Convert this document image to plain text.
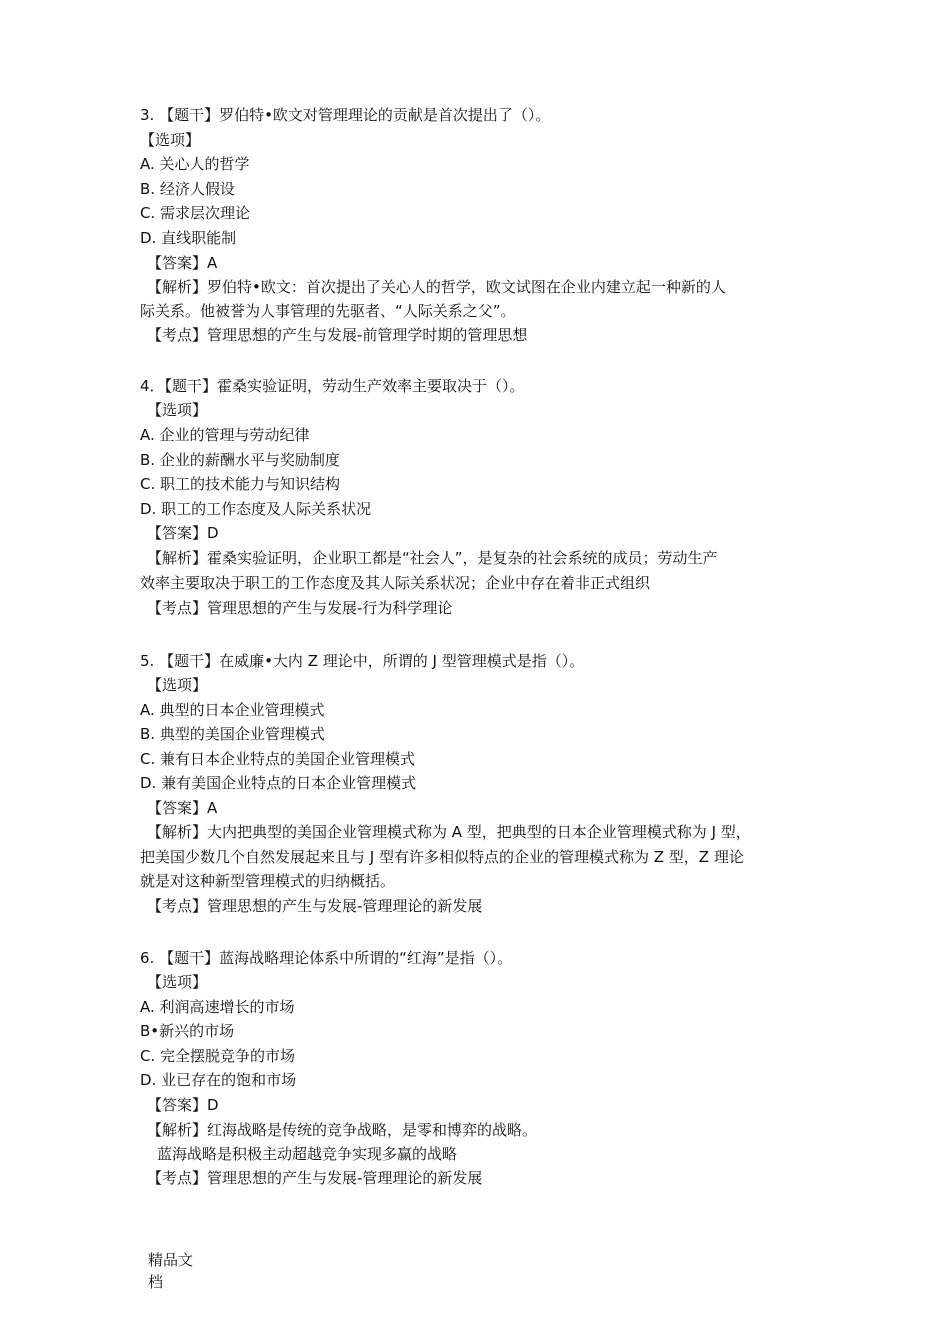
3. 【题干】罗伯特•欧文对管理理论的贡献是首次提出了（）。
【选项】
A. 关心人的哲学
B. 经济人假设
C. 需求层次理论
D. 直线职能制
【答案】A
【解析】罗伯特•欧文：首次提出了关心人的哲学，欧文试图在企业内建立起一种新的人
际关系。他被誉为人事管理的先驱者、“人际关系之父”。
【考点】管理思想的产生与发展-前管理学时期的管理思想
4．【题干】霍桑实验证明，劳动生产效率主要取决于（）。
【选项】
A. 企业的管理与劳动纪律
B. 企业的薪酬水平与奖励制度
C. 职工的技术能力与知识结构
D. 职工的工作态度及人际关系状况
【答案】D
【解析】霍桑实验证明，企业职工都是“社会人”，是复杂的社会系统的成员；劳动生产
效率主要取决于职工的工作态度及其人际关系状况；企业中存在着非正式组织
【考点】管理思想的产生与发展-行为科学理论
5. 【题干】在威廉•大内 Z 理论中，所谓的 J 型管理模式是指（）。
【选项】
A. 典型的日本企业管理模式
B. 典型的美国企业管理模式
C. 兼有日本企业特点的美国企业管理模式
D. 兼有美国企业特点的日本企业管理模式
【答案】A
【解析】大内把典型的美国企业管理模式称为 A 型，把典型的日本企业管理模式称为 J 型，
把美国少数几个自然发展起来且与 J 型有许多相似特点的企业的管理模式称为 Z 型，Z 理论
就是对这种新型管理模式的归纳概括。
【考点】管理思想的产生与发展-管理理论的新发展
6. 【题干】蓝海战略理论体系中所谓的“红海”是指（）。
【选项】
A. 利润高速增长的市场
B•新兴的市场
C. 完全摆脱竞争的市场
D. 业已存在的饱和市场
【答案】D
【解析】红海战略是传统的竞争战略，是零和博弈的战略。
蓝海战略是积极主动超越竞争实现多赢的战略
【考点】管理思想的产生与发展-管理理论的新发展
精品文
档
